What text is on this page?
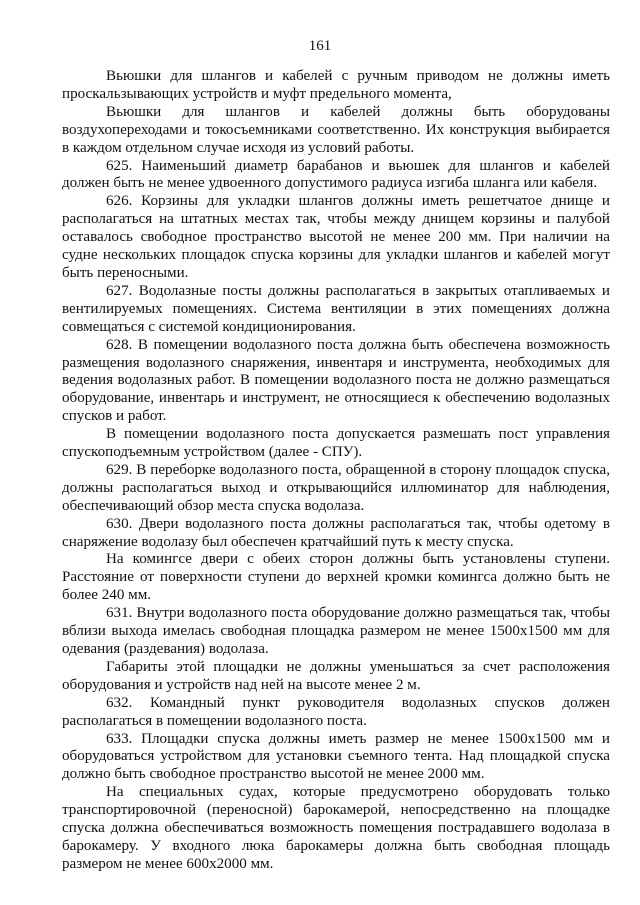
161

Вьюшки для шлангов и кабелей с ручным приводом не должны иметь проскальзывающих устройств и муфт предельного момента,

Вьюшки для шлангов и кабелей должны быть оборудованы воздухопереходами и токосъемниками соответственно. Их конструкция выбирается в каждом отдельном случае исходя из условий работы.

625. Наименьший диаметр барабанов и вьюшек для шлангов и кабелей должен быть не менее удвоенного допустимого радиуса изгиба шланга или кабеля.

626. Корзины для укладки шлангов должны иметь решетчатое днище и располагаться на штатных местах так, чтобы между днищем корзины и палубой оставалось свободное пространство высотой не менее 200 мм. При наличии на судне нескольких площадок спуска корзины для укладки шлангов и кабелей могут быть переносными.

627. Водолазные посты должны располагаться в закрытых отапливаемых и вентилируемых помещениях. Система вентиляции в этих помещениях должна совмещаться с системой кондиционирования.

628. В помещении водолазного поста должна быть обеспечена возможность размещения водолазного снаряжения, инвентаря и инструмента, необходимых для ведения водолазных работ. В помещении водолазного поста не должно размещаться оборудование, инвентарь и инструмент, не относящиеся к обеспечению водолазных спусков и работ.

В помещении водолазного поста допускается размешать пост управления спускоподъемным устройством (далее - СПУ).

629. В переборке водолазного поста, обращенной в сторону площадок спуска, должны располагаться выход и открывающийся иллюминатор для наблюдения, обеспечивающий обзор места спуска водолаза.

630. Двери водолазного поста должны располагаться так, чтобы одетому в снаряжение водолазу был обеспечен кратчайший путь к месту спуска.

На комингсе двери с обеих сторон должны быть установлены ступени. Расстояние от поверхности ступени до верхней кромки комингса должно быть не более 240 мм.

631. Внутри водолазного поста оборудование должно размещаться так, чтобы вблизи выхода имелась свободная площадка размером не менее 1500x1500 мм для одевания (раздевания) водолаза.

Габариты этой площадки не должны уменьшаться за счет расположения оборудования и устройств над ней на высоте менее 2 м.

632. Командный пункт руководителя водолазных спусков должен располагаться в помещении водолазного поста.

633. Площадки спуска должны иметь размер не менее 1500x1500 мм и оборудоваться устройством для установки съемного тента. Над площадкой спуска должно быть свободное пространство высотой не менее 2000 мм.

На специальных судах, которые предусмотрено оборудовать только транспортировочной (переносной) барокамерой, непосредственно на площадке спуска должна обеспечиваться возможность помещения пострадавшего водолаза в барокамеру. У входного люка барокамеры должна быть свободная площадь размером не менее 600x2000 мм.
